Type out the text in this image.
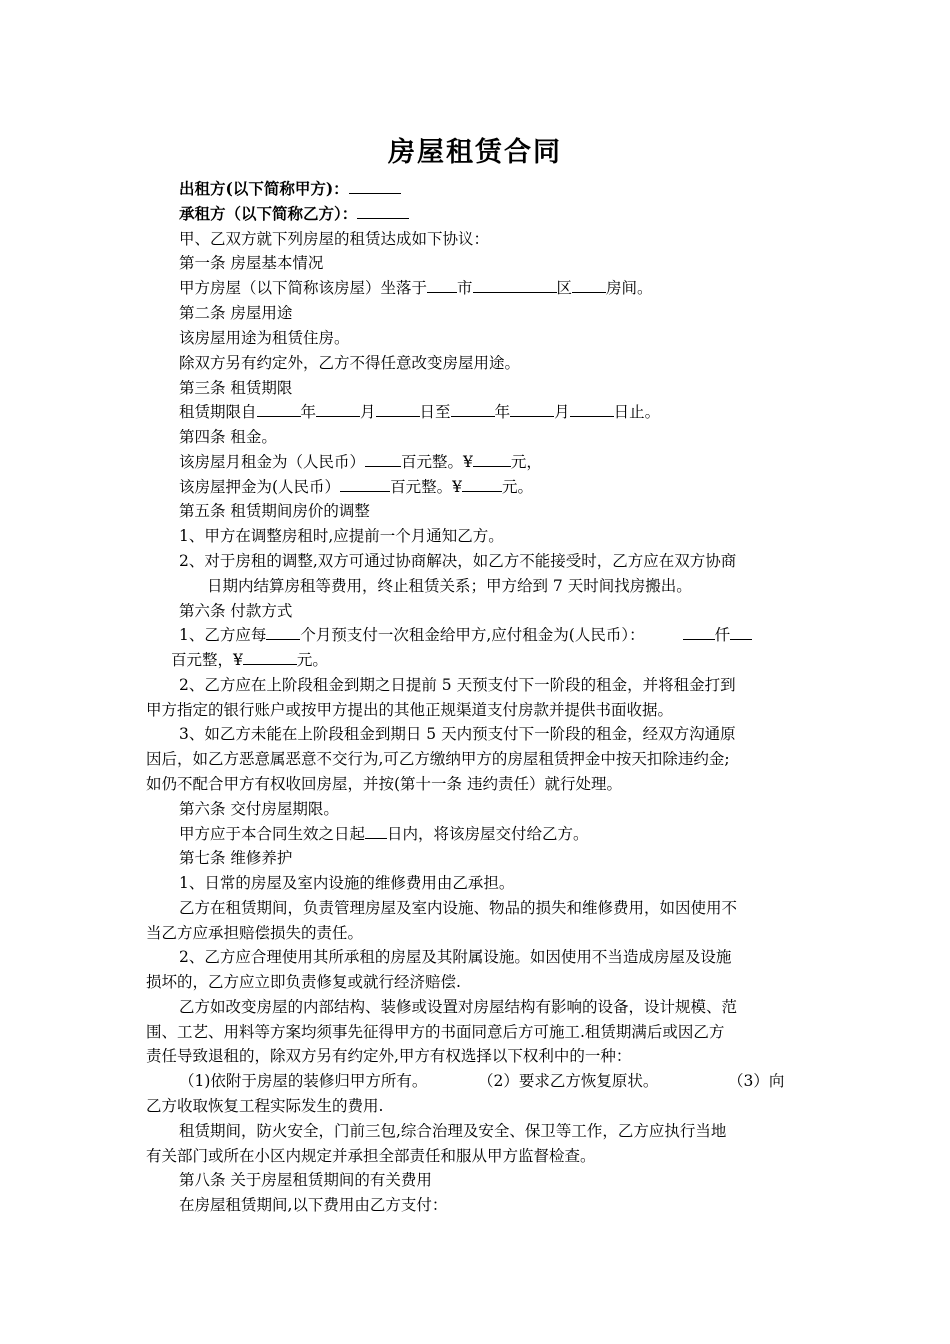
房屋租赁合同
出租方(以下简称甲方)：
承租方（以下简称乙方）：
甲、乙双方就下列房屋的租赁达成如下协议：
第一条 房屋基本情况
甲方房屋（以下简称该房屋）坐落于 市	区 房间。
第二条 房屋用途
该房屋用途为租赁住房。
除双方另有约定外，乙方不得任意改变房屋用途。
第三条 租赁期限
租赁期限自	年	月	日至	年	月	日止。
第四条 租金。
该房屋月租金为（人民币） 百元整。¥ 元，
该房屋押金为(人民币）	百元整。¥	元。
第五条 租赁期间房价的调整
1、甲方在调整房租时,应提前一个月通知乙方。
2、对于房租的调整,双方可通过协商解决，如乙方不能接受时，乙方应在双方协商
日期内结算房租等费用，终止租赁关系；甲方给到 7 天时间找房搬出。
第六条 付款方式
1、乙方应每 个月预支付一次租金给甲方,应付租金为(人民币）：	仟
百元整，¥	元。
2、乙方应在上阶段租金到期之日提前 5 天预支付下一阶段的租金，并将租金打到
甲方指定的银行账户或按甲方提出的其他正规渠道支付房款并提供书面收据。
3、如乙方未能在上阶段租金到期日 5 天内预支付下一阶段的租金，经双方沟通原
因后，如乙方恶意属恶意不交行为,可乙方缴纳甲方的房屋租赁押金中按天扣除违约金;
如仍不配合甲方有权收回房屋，并按(第十一条 违约责任）就行处理。
第六条 交付房屋期限。
甲方应于本合同生效之日起 日内，将该房屋交付给乙方。
第七条 维修养护
1、日常的房屋及室内设施的维修费用由乙承担。
乙方在租赁期间，负责管理房屋及室内设施、物品的损失和维修费用，如因使用不
当乙方应承担赔偿损失的责任。
2、乙方应合理使用其所承租的房屋及其附属设施。如因使用不当造成房屋及设施
损坏的，乙方应立即负责修复或就行经济赔偿.
乙方如改变房屋的内部结构、装修或设置对房屋结构有影响的设备，设计规模、范
围、工艺、用料等方案均须事先征得甲方的书面同意后方可施工.租赁期满后或因乙方
责任导致退租的，除双方另有约定外,甲方有权选择以下权利中的一种：
（1)依附于房屋的装修归甲方所有。	（2）要求乙方恢复原状。	（3）向
乙方收取恢复工程实际发生的费用.
租赁期间，防火安全，门前三包,综合治理及安全、保卫等工作，乙方应执行当地
有关部门或所在小区内规定并承担全部责任和服从甲方监督检查。
第八条 关于房屋租赁期间的有关费用
在房屋租赁期间,以下费用由乙方支付：
